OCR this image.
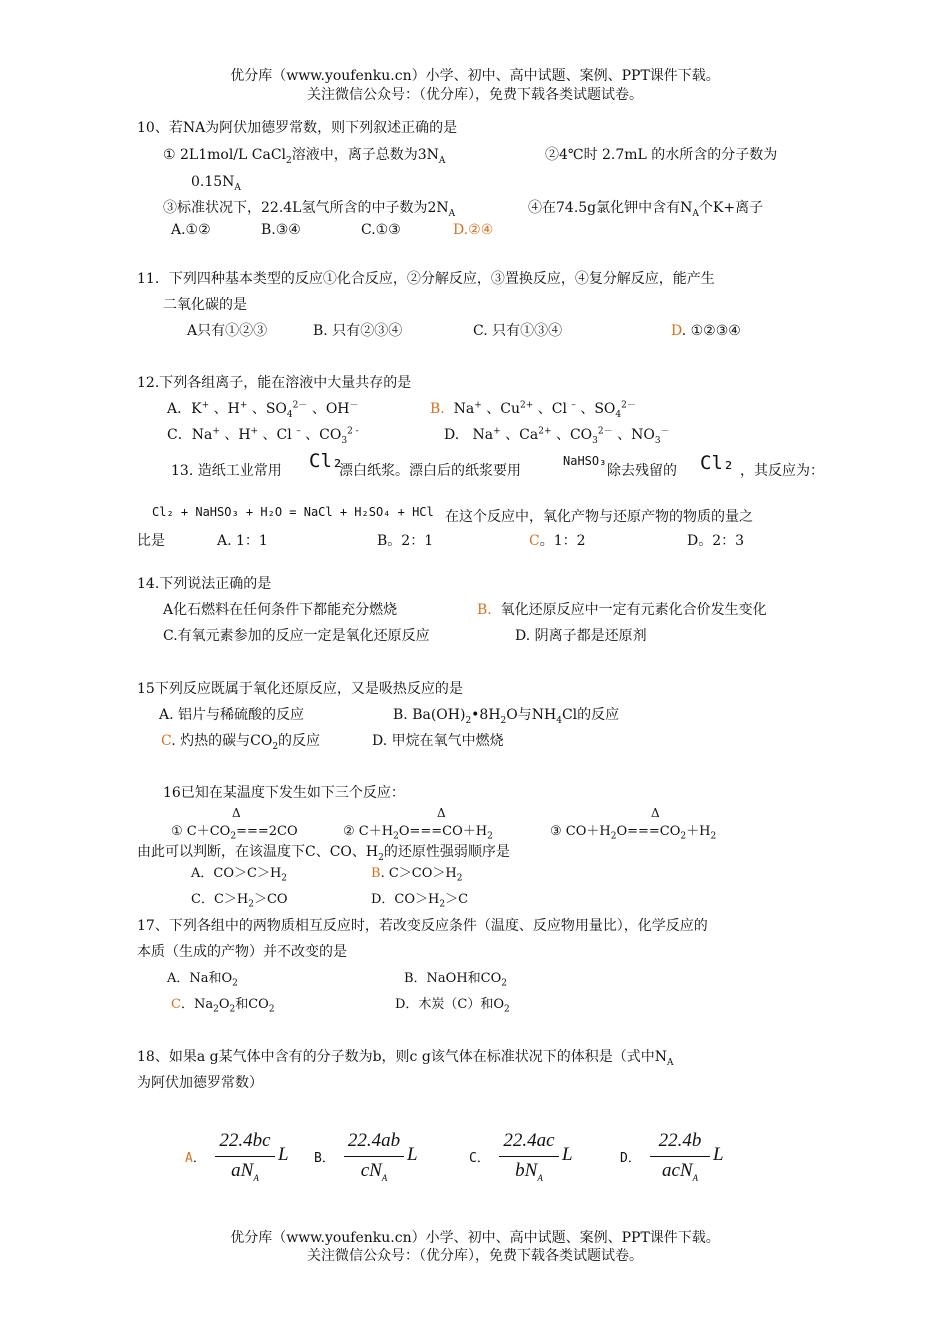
优分库（www.youfenku.cn）小学、初中、高中试题、案例、PPT课件下载。
关注微信公众号：（优分库），免费下载各类试题试卷。
10、若NA为阿伏加德罗常数，则下列叙述正确的是
① 2L1mol/L CaCl$_2$溶液中，离子总数为$3N_A$	②4℃时 2.7mL 的水所含的分子数为
$0.15N_A$
③标准状况下，22.4L氢气所含的中子数为$2N_A$	④在74.5g氯化钾中含有$N_A$个K+离子
A.①②	B.③④	C.①③	D.②④
11．下列四种基本类型的反应①化合反应，②分解反应，③置换反应，④复分解反应，能产生
二氧化碳的是
A只有①②③	B. 只有②③④	C. 只有①③④	D. ①②③④
12.下列各组离子，能在溶液中大量共存的是
A．K+ 、H+ 、$SO_4^{2-}$ 、OH－	B. Na+ 、$Cu^{2+}$ 、Cl – 、$SO_4^{2-}$
C．Na+ 、H+ 、Cl – 、$CO_3^{2 -}$	D. Na+ 、$Ca^{2+}$ 、$CO_3^{2-}$ 、$NO_3^-$
13. 造纸工业常用 Cl₂
漂白纸浆。漂白后的纸浆要用
NaHSO₃
除去残留的 Cl₂ ，其反应为：
Cl₂ + NaHSO₃ + H₂O = NaCl + H₂SO₄ + HCl 在这个反应中，氧化产物与还原产物的物质的量之
比是	A. 1：1	B。2：1	C。1：2	D。2：3
14.下列说法正确的是
A化石燃料在任何条件下都能充分燃烧	B. 氧化还原反应中一定有元素化合价发生变化
C.有氧元素参加的反应一定是氧化还原反应	D. 阴离子都是还原剂
15下列反应既属于氧化还原反应，又是吸热反应的是
A. 铝片与稀硫酸的反应	B. $Ba(OH)_2•8H_2O$与$NH_4Cl$的反应
C. 灼热的碳与$CO_2$的反应	D. 甲烷在氧气中燃烧
16已知在某温度下发生如下三个反应：
Δ	Δ	Δ
① $C+CO_2===2CO$	② $C+H_2O===CO+H_2$	③ $CO+H_2O===CO_2+H_2$
由此可以判断，在该温度下C、CO、$H_2$的还原性强弱顺序是
A．$CO>C>H_2$	B. $C>CO>H_2$
C．$C>H_2>CO$	D．$CO>H_2>C$
17、下列各组中的两物质相互反应时，若改变反应条件（温度、反应物用量比），化学反应的
本质（生成的产物）并不改变的是
A．Na和$O_2$	B．NaOH和$CO_2$
C．$Na_2O_2$和$CO_2$	D．木炭（C）和$O_2$
18、如果a g某气体中含有的分子数为b，则c g该气体在标准状况下的体积是（式中$N_A$
为阿伏加德罗常数）
A．
22.4bc
$aN_A$
L B．
22.4ab
$cN_A$
L	C．
22.4ac
$bN_A$
L	D．
22.4b
acN$_A$
L
优分库（www.youfenku.cn）小学、初中、高中试题、案例、PPT课件下载。
关注微信公众号：（优分库），免费下载各类试题试卷。
